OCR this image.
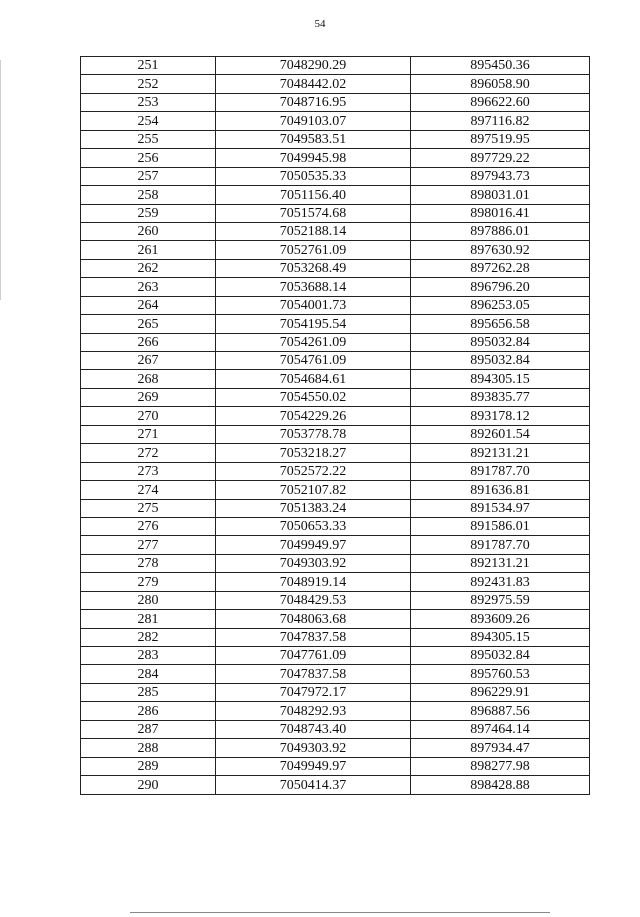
54
251	7048290.29	895450.36
252	7048442.02	896058.90
253	7048716.95	896622.60
254	7049103.07	897116.82
255	7049583.51	897519.95
256	7049945.98	897729.22
257	7050535.33	897943.73
258	7051156.40	898031.01
259	7051574.68	898016.41
260	7052188.14	897886.01
261	7052761.09	897630.92
262	7053268.49	897262.28
263	7053688.14	896796.20
264	7054001.73	896253.05
265	7054195.54	895656.58
266	7054261.09	895032.84
267	7054761.09	895032.84
268	7054684.61	894305.15
269	7054550.02	893835.77
270	7054229.26	893178.12
271	7053778.78	892601.54
272	7053218.27	892131.21
273	7052572.22	891787.70
274	7052107.82	891636.81
275	7051383.24	891534.97
276	7050653.33	891586.01
277	7049949.97	891787.70
278	7049303.92	892131.21
279	7048919.14	892431.83
280	7048429.53	892975.59
281	7048063.68	893609.26
282	7047837.58	894305.15
283	7047761.09	895032.84
284	7047837.58	895760.53
285	7047972.17	896229.91
286	7048292.93	896887.56
287	7048743.40	897464.14
288	7049303.92	897934.47
289	7049949.97	898277.98
290	7050414.37	898428.88
